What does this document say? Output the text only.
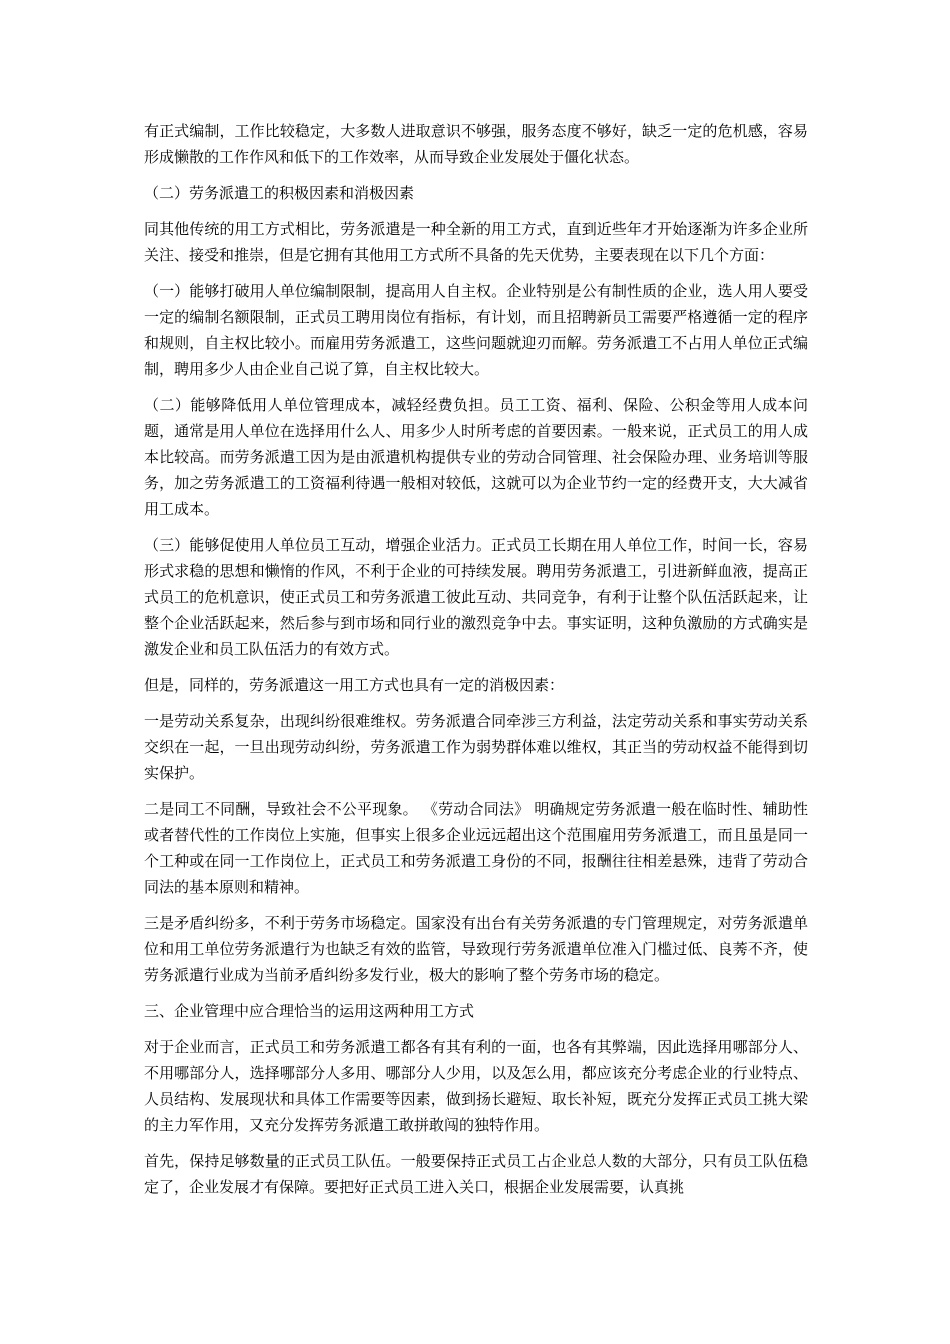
有正式编制，工作比较稳定，大多数人进取意识不够强，服务态度不够好，缺乏一定的危机感，容易形成懒散的工作作风和低下的工作效率，从而导致企业发展处于僵化状态。

（二）劳务派遣工的积极因素和消极因素

同其他传统的用工方式相比，劳务派遣是一种全新的用工方式，直到近些年才开始逐渐为许多企业所关注、接受和推崇，但是它拥有其他用工方式所不具备的先天优势，主要表现在以下几个方面：

（一）能够打破用人单位编制限制，提高用人自主权。企业特别是公有制性质的企业，选人用人要受一定的编制名额限制，正式员工聘用岗位有指标，有计划，而且招聘新员工需要严格遵循一定的程序和规则，自主权比较小。而雇用劳务派遣工，这些问题就迎刃而解。劳务派遣工不占用人单位正式编制，聘用多少人由企业自己说了算，自主权比较大。

（二）能够降低用人单位管理成本，减轻经费负担。员工工资、福利、保险、公积金等用人成本问题，通常是用人单位在选择用什么人、用多少人时所考虑的首要因素。一般来说，正式员工的用人成本比较高。而劳务派遣工因为是由派遣机构提供专业的劳动合同管理、社会保险办理、业务培训等服务，加之劳务派遣工的工资福利待遇一般相对较低，这就可以为企业节约一定的经费开支，大大减省用工成本。

（三）能够促使用人单位员工互动，增强企业活力。正式员工长期在用人单位工作，时间一长，容易形式求稳的思想和懒惰的作风，不利于企业的可持续发展。聘用劳务派遣工，引进新鲜血液，提高正式员工的危机意识，使正式员工和劳务派遣工彼此互动、共同竞争，有利于让整个队伍活跃起来，让整个企业活跃起来，然后参与到市场和同行业的激烈竞争中去。事实证明，这种负激励的方式确实是激发企业和员工队伍活力的有效方式。

但是，同样的，劳务派遣这一用工方式也具有一定的消极因素：

一是劳动关系复杂，出现纠纷很难维权。劳务派遣合同牵涉三方利益，法定劳动关系和事实劳动关系交织在一起，一旦出现劳动纠纷，劳务派遣工作为弱势群体难以维权，其正当的劳动权益不能得到切实保护。

二是同工不同酬，导致社会不公平现象。 《劳动合同法》 明确规定劳务派遣一般在临时性、辅助性或者替代性的工作岗位上实施，但事实上很多企业远远超出这个范围雇用劳务派遣工，而且虽是同一个工种或在同一工作岗位上，正式员工和劳务派遣工身份的不同，报酬往往相差悬殊，违背了劳动合同法的基本原则和精神。

三是矛盾纠纷多，不利于劳务市场稳定。国家没有出台有关劳务派遣的专门管理规定，对劳务派遣单位和用工单位劳务派遣行为也缺乏有效的监管，导致现行劳务派遣单位准入门槛过低、良莠不齐，使劳务派遣行业成为当前矛盾纠纷多发行业，极大的影响了整个劳务市场的稳定。

三、企业管理中应合理恰当的运用这两种用工方式

对于企业而言，正式员工和劳务派遣工都各有其有利的一面，也各有其弊端，因此选择用哪部分人、不用哪部分人，选择哪部分人多用、哪部分人少用，以及怎么用，都应该充分考虑企业的行业特点、人员结构、发展现状和具体工作需要等因素，做到扬长避短、取长补短，既充分发挥正式员工挑大梁的主力军作用，又充分发挥劳务派遣工敢拼敢闯的独特作用。

首先，保持足够数量的正式员工队伍。一般要保持正式员工占企业总人数的大部分，只有员工队伍稳定了，企业发展才有保障。要把好正式员工进入关口，根据企业发展需要，认真挑
